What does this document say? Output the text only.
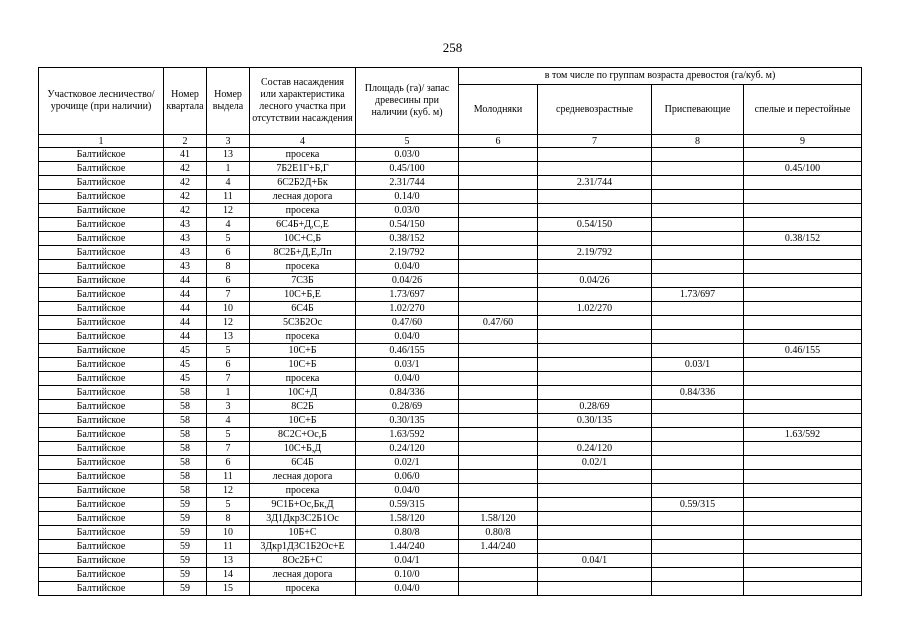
258
Участковое лесничество/урочище (при наличии)	Номер квартала	Номер выдела	Состав насаждения или характеристика лесного участка при отсутствии насаждения	Площадь (га)/ запас древесины при наличии (куб. м)	в том числе по группам возраста древостоя (га/куб. м)			
					Молодняки	средневозрастные	Приспевающие	спелые и перестойные
1	2	3	4	5	6	7	8	9
Балтийское	41	13	просека	0.03/0				
Балтийское	42	1	7Б2Е1Г+Б,Г	0.45/100				0.45/100
Балтийское	42	4	6С2Б2Д+Бк	2.31/744		2.31/744		
Балтийское	42	11	лесная дорога	0.14/0				
Балтийское	42	12	просека	0.03/0				
Балтийское	43	4	6С4Б+Д,С,Е	0.54/150		0.54/150		
Балтийское	43	5	10С+С,Б	0.38/152				0.38/152
Балтийское	43	6	8С2Б+Д,Е,Лп	2.19/792		2.19/792		
Балтийское	43	8	просека	0.04/0				
Балтийское	44	6	7С3Б	0.04/26		0.04/26		
Балтийское	44	7	10С+Б,Е	1.73/697			1.73/697	
Балтийское	44	10	6С4Б	1.02/270		1.02/270		
Балтийское	44	12	5С3Б2Ос	0.47/60	0.47/60			
Балтийское	44	13	просека	0.04/0				
Балтийское	45	5	10С+Б	0.46/155				0.46/155
Балтийское	45	6	10С+Б	0.03/1			0.03/1	
Балтийское	45	7	просека	0.04/0				
Балтийское	58	1	10С+Д	0.84/336			0.84/336	
Балтийское	58	3	8С2Б	0.28/69		0.28/69		
Балтийское	58	4	10С+Б	0.30/135		0.30/135		
Балтийское	58	5	8С2С+Ос,Б	1.63/592				1.63/592
Балтийское	58	7	10С+Б,Д	0.24/120		0.24/120		
Балтийское	58	6	6С4Б	0.02/1		0.02/1		
Балтийское	58	11	лесная дорога	0.06/0				
Балтийское	58	12	просека	0.04/0				
Балтийское	59	5	9С1Б+Ос,Бк,Д	0.59/315			0.59/315	
Балтийское	59	8	3Д1Дкр3С2Б1Ос	1.58/120	1.58/120			
Балтийское	59	10	10Б+С	0.80/8	0.80/8			
Балтийское	59	11	3Дкр1Д3С1Б2Ос+Е	1.44/240	1.44/240			
Балтийское	59	13	8Ос2Б+С	0.04/1		0.04/1		
Балтийское	59	14	лесная дорога	0.10/0				
Балтийское	59	15	просека	0.04/0				
